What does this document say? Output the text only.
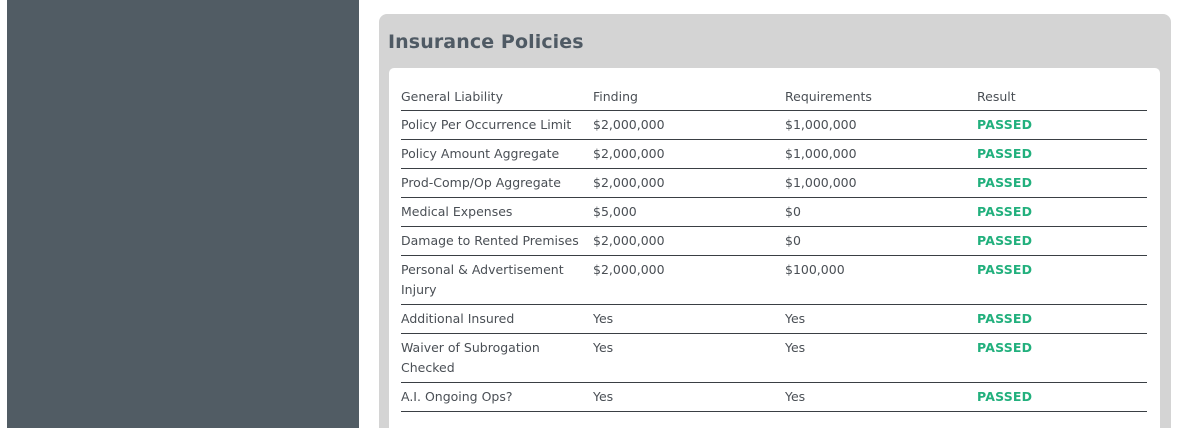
Insurance Policies
General Liability	Finding	Requirements	Result
Policy Per Occurrence Limit	$2,000,000	$1,000,000	PASSED
Policy Amount Aggregate	$2,000,000	$1,000,000	PASSED
Prod-Comp/Op Aggregate	$2,000,000	$1,000,000	PASSED
Medical Expenses	$5,000	$0	PASSED
Damage to Rented Premises	$2,000,000	$0	PASSED
Personal & Advertisement Injury	$2,000,000	$100,000	PASSED
Additional Insured	Yes	Yes	PASSED
Waiver of Subrogation Checked	Yes	Yes	PASSED
A.I. Ongoing Ops?	Yes	Yes	PASSED
